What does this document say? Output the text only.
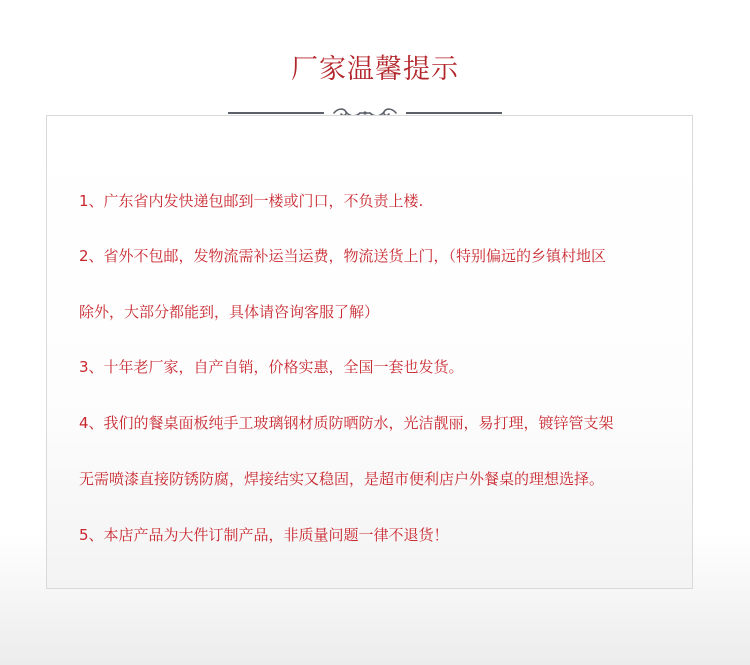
厂家温馨提示
1、广东省内发快递包邮到一楼或门口，不负责上楼.
2、省外不包邮，发物流需补运当运费，物流送货上门，（特别偏远的乡镇村地区
除外，大部分都能到，具体请咨询客服了解）
3、十年老厂家，自产自销，价格实惠，全国一套也发货。
4、我们的餐桌面板纯手工玻璃钢材质防晒防水，光洁靓丽，易打理，镀锌管支架
无需喷漆直接防锈防腐，焊接结实又稳固，是超市便利店户外餐桌的理想选择。
5、本店产品为大件订制产品，非质量问题一律不退货！
